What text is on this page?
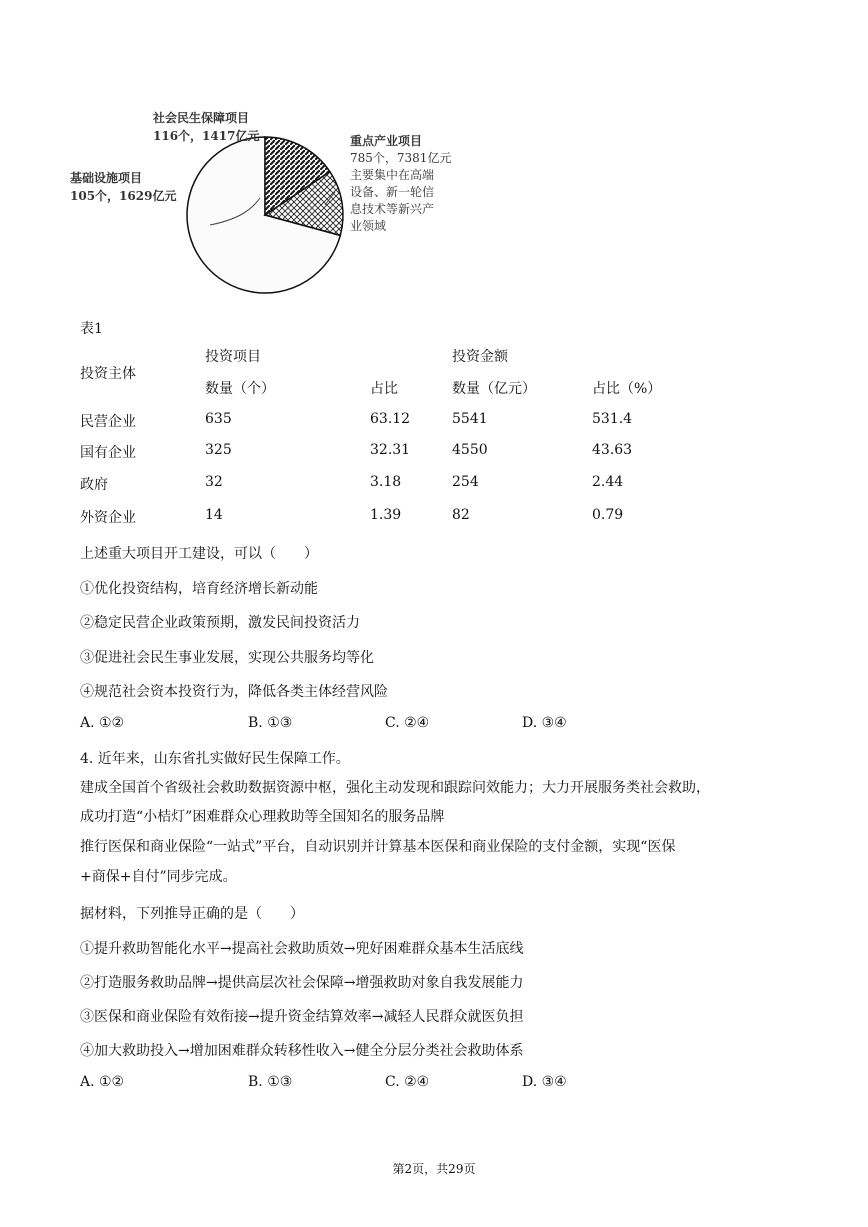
社会民生保障项目
116个，1417亿元
基础设施项目
105个，1629亿元
重点产业项目
785个，7381亿元
主要集中在高端
设备、新一轮信
息技术等新兴产
业领域
表1
投资主体
投资项目	投资金额
数量（个）	占比	数量（亿元）	占比（%）
民营企业	635	63.12	5541	531.4
国有企业	325	32.31	4550	43.63
政府	32	3.18	254	2.44
外资企业	14	1.39	82	0.79
上述重大项目开工建设，可以（　　）
①优化投资结构，培育经济增长新动能
②稳定民营企业政策预期，激发民间投资活力
③促进社会民生事业发展，实现公共服务均等化
④规范社会资本投资行为，降低各类主体经营风险
A. ①②	B. ①③	C. ②④	D. ③④
4. 近年来，山东省扎实做好民生保障工作。
建成全国首个省级社会救助数据资源中枢，强化主动发现和跟踪问效能力；大力开展服务类社会救助，
成功打造“小桔灯”困难群众心理救助等全国知名的服务品牌
推行医保和商业保险“一站式”平台，自动识别并计算基本医保和商业保险的支付金额，实现“医保
+商保+自付”同步完成。
据材料，下列推导正确的是（　　）
①提升救助智能化水平→提高社会救助质效→兜好困难群众基本生活底线
②打造服务救助品牌→提供高层次社会保障→增强救助对象自我发展能力
③医保和商业保险有效衔接→提升资金结算效率→减轻人民群众就医负担
④加大救助投入→增加困难群众转移性收入→健全分层分类社会救助体系
A. ①②	B. ①③	C. ②④	D. ③④
第2页，共29页
